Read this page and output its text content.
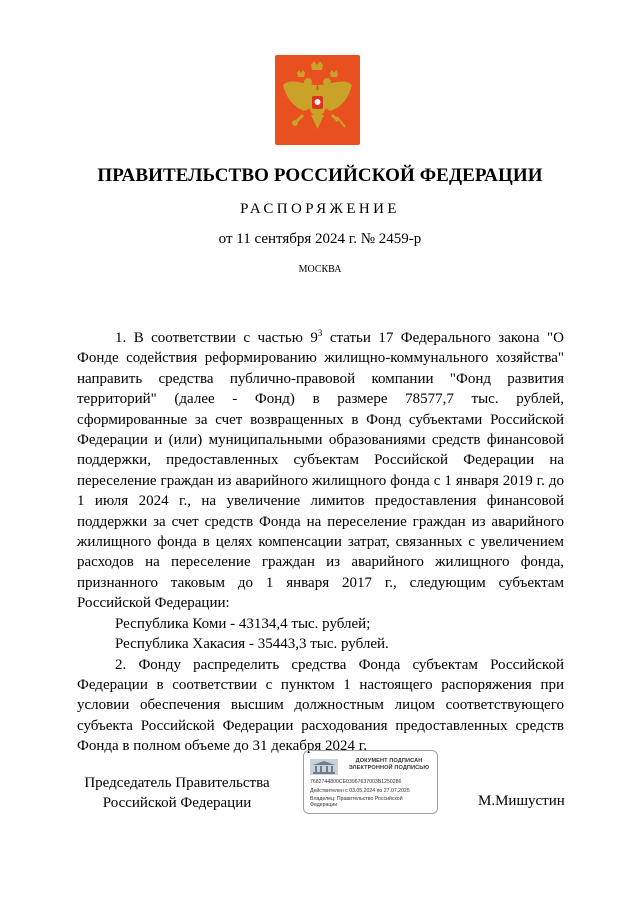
ПРАВИТЕЛЬСТВО РОССИЙСКОЙ ФЕДЕРАЦИИ
РАСПОРЯЖЕНИЕ
от 11 сентября 2024 г. № 2459-р
МОСКВА

1. В соответствии с частью $9^3$ статьи 17 Федерального закона "О Фонде содействия реформированию жилищно-коммунального хозяйства" направить средства публично-правовой компании "Фонд развития территорий" (далее - Фонд) в размере 78577,7 тыс. рублей, сформированные за счет возвращенных в Фонд субъектами Российской Федерации и (или) муниципальными образованиями средств финансовой поддержки, предоставленных субъектам Российской Федерации на переселение граждан из аварийного жилищного фонда с 1 января 2019 г. до 1 июля 2024 г., на увеличение лимитов предоставления финансовой поддержки за счет средств Фонда на переселение граждан из аварийного жилищного фонда в целях компенсации затрат, связанных с увеличением расходов на переселение граждан из аварийного жилищного фонда, признанного таковым до 1 января 2017 г., следующим субъектам Российской Федерации:

Республика Коми - 43134,4 тыс. рублей;

Республика Хакасия - 35443,3 тыс. рублей.

2. Фонду распределить средства Фонда субъектам Российской Федерации в соответствии с пунктом 1 настоящего распоряжения при условии обеспечения высшим должностным лицом соответствующего субъекта Российской Федерации расходования предоставленных средств Фонда в полном объеме до 31 декабря 2024 г.

Председатель Правительства
Российской Федерации
ДОКУМЕНТ ПОДПИСАН ЭЛЕКТРОННОЙ ПОДПИСЬЮ
7682744800CE03967637003B1250286
Действителен с 03.05.2024 по 27.07.2025
Владелец: Правительство Российской
Федерации	М.Мишустин
